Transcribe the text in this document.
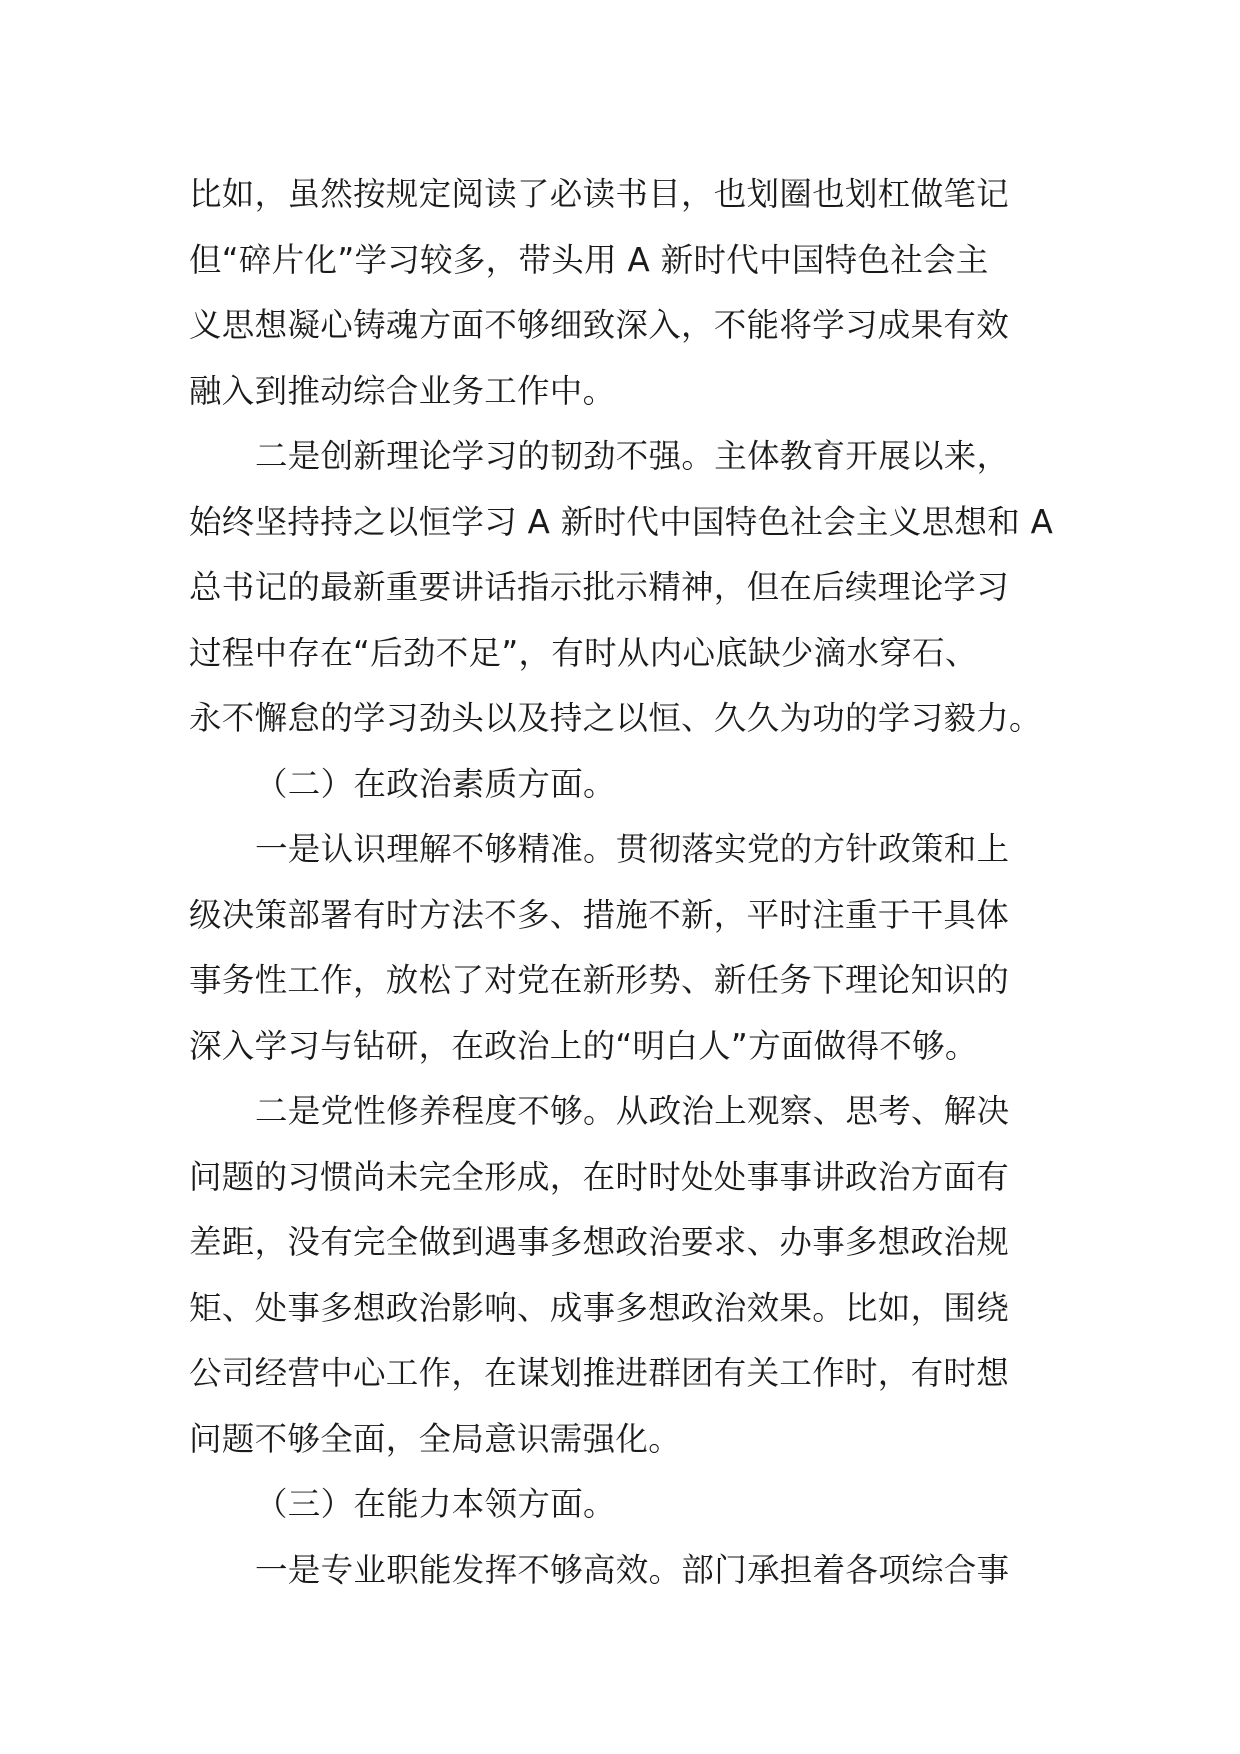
比如，虽然按规定阅读了必读书目，也划圈也划杠做笔记
但“碎片化”学习较多，带头用 A 新时代中国特色社会主
义思想凝心铸魂方面不够细致深入，不能将学习成果有效
融入到推动综合业务工作中。
二是创新理论学习的韧劲不强。主体教育开展以来，
始终坚持持之以恒学习 A 新时代中国特色社会主义思想和 A
总书记的最新重要讲话指示批示精神，但在后续理论学习
过程中存在“后劲不足”，有时从内心底缺少滴水穿石、
永不懈怠的学习劲头以及持之以恒、久久为功的学习毅力。
（二）在政治素质方面。
一是认识理解不够精准。贯彻落实党的方针政策和上
级决策部署有时方法不多、措施不新，平时注重于干具体
事务性工作，放松了对党在新形势、新任务下理论知识的
深入学习与钻研，在政治上的“明白人”方面做得不够。
二是党性修养程度不够。从政治上观察、思考、解决
问题的习惯尚未完全形成，在时时处处事事讲政治方面有
差距，没有完全做到遇事多想政治要求、办事多想政治规
矩、处事多想政治影响、成事多想政治效果。比如，围绕
公司经营中心工作，在谋划推进群团有关工作时，有时想
问题不够全面，全局意识需强化。
（三）在能力本领方面。
一是专业职能发挥不够高效。部门承担着各项综合事
